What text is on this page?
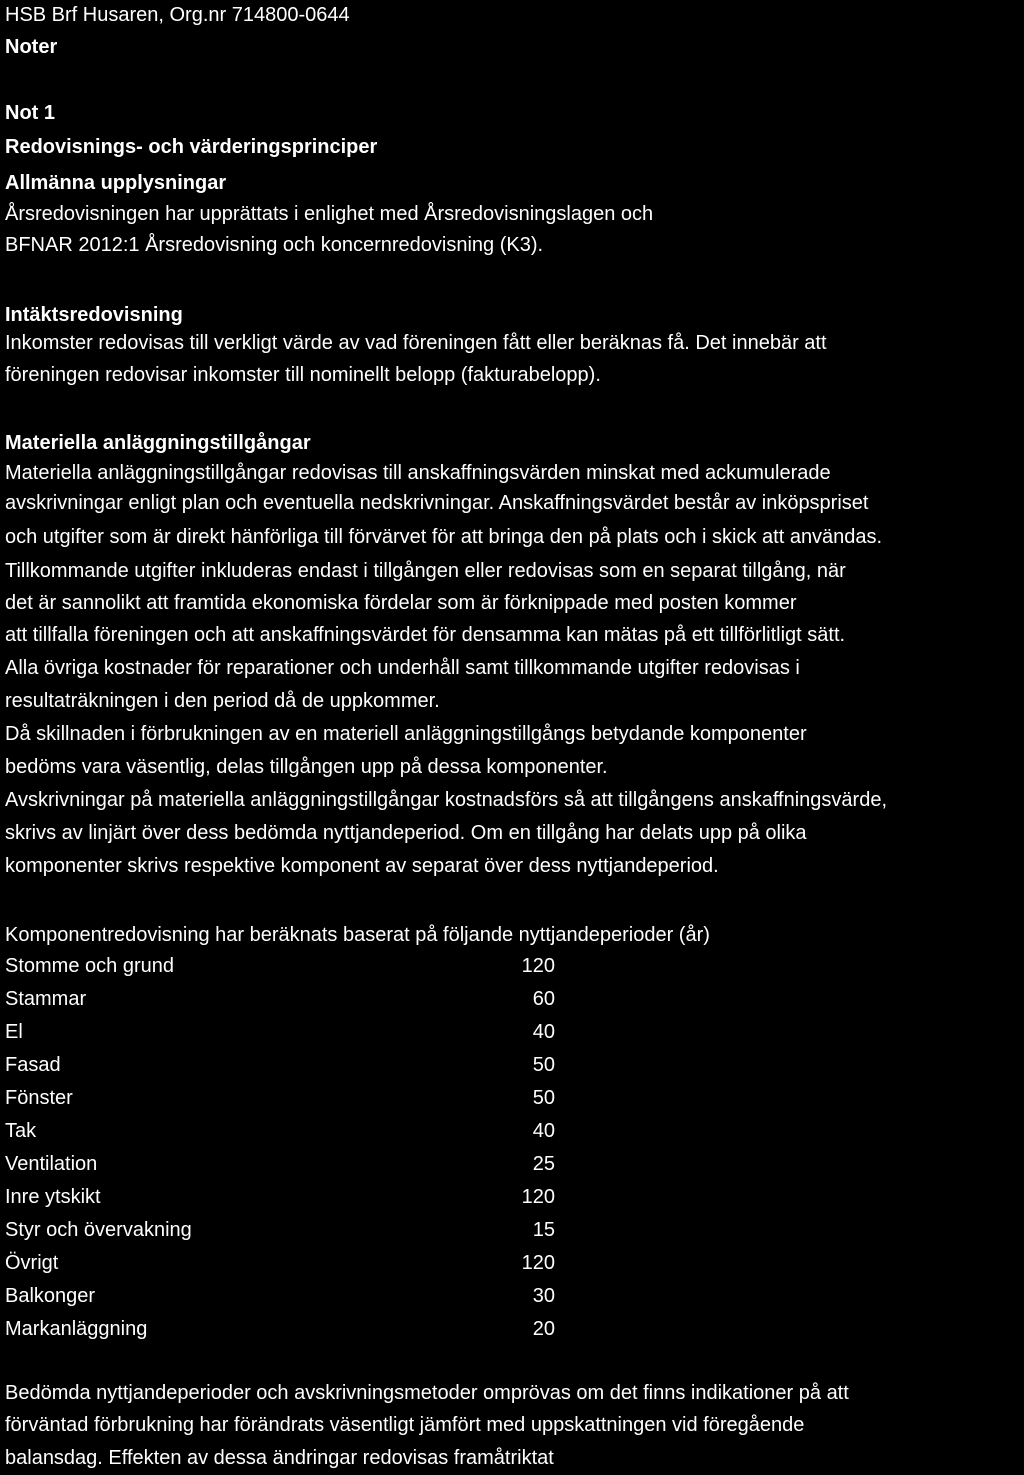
HSB Brf Husaren, Org.nr 714800-0644
Noter
Not 1
Redovisnings- och värderingsprinciper
Allmänna upplysningar
Årsredovisningen har upprättats i enlighet med Årsredovisningslagen och
BFNAR 2012:1 Årsredovisning och koncernredovisning (K3).
Intäktsredovisning
Inkomster redovisas till verkligt värde av vad föreningen fått eller beräknas få. Det innebär att
föreningen redovisar inkomster till nominellt belopp (fakturabelopp).
Materiella anläggningstillgångar
Materiella anläggningstillgångar redovisas till anskaffningsvärden minskat med ackumulerade
avskrivningar enligt plan och eventuella nedskrivningar. Anskaffningsvärdet består av inköpspriset
och utgifter som är direkt hänförliga till förvärvet för att bringa den på plats och i skick att användas.
Tillkommande utgifter inkluderas endast i tillgången eller redovisas som en separat tillgång, när
det är sannolikt att framtida ekonomiska fördelar som är förknippade med posten kommer
att tillfalla föreningen och att anskaffningsvärdet för densamma kan mätas på ett tillförlitligt sätt.
Alla övriga kostnader för reparationer och underhåll samt tillkommande utgifter redovisas i
resultaträkningen i den period då de uppkommer.
Då skillnaden i förbrukningen av en materiell anläggningstillgångs betydande komponenter
bedöms vara väsentlig, delas tillgången upp på dessa komponenter.
Avskrivningar på materiella anläggningstillgångar kostnadsförs så att tillgångens anskaffningsvärde,
skrivs av linjärt över dess bedömda nyttjandeperiod. Om en tillgång har delats upp på olika
komponenter skrivs respektive komponent av separat över dess nyttjandeperiod.
Komponentredovisning har beräknats baserat på följande nyttjandeperioder (år)
Stomme och grund	120
Stammar	60
El	40
Fasad	50
Fönster	50
Tak	40
Ventilation	25
Inre ytskikt	120
Styr och övervakning	15
Övrigt	120
Balkonger	30
Markanläggning	20
Bedömda nyttjandeperioder och avskrivningsmetoder omprövas om det finns indikationer på att
förväntad förbrukning har förändrats väsentligt jämfört med uppskattningen vid föregående
balansdag. Effekten av dessa ändringar redovisas framåtriktat
